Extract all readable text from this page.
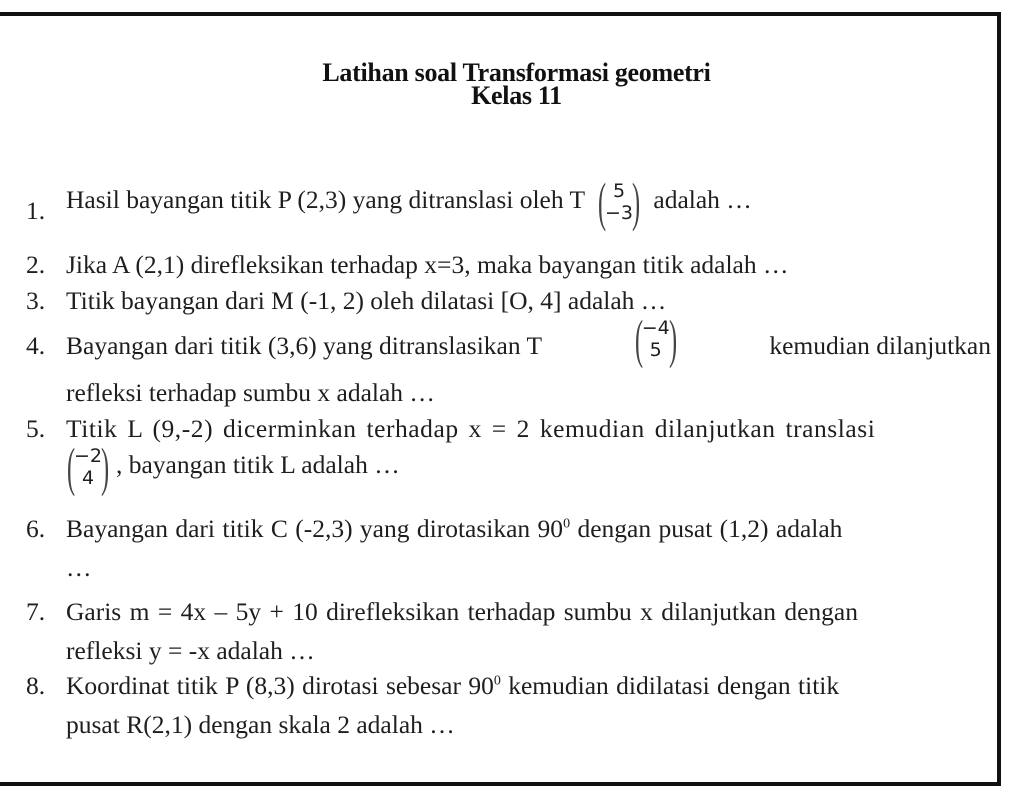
Latihan soal Transformasi geometri
Kelas 11
1. Hasil bayangan titik P (2,3) yang ditranslasi oleh T ( 5
−3
) adalah …
2. Jika A (2,1) direfleksikan terhadap x=3, maka bayangan titik adalah …
3. Titik bayangan dari M (-1, 2) oleh dilatasi [O, 4] adalah …
4. Bayangan dari titik (3,6) yang ditranslasikan T (
−4
5 )	kemudian dilanjutkan
refleksi terhadap sumbu x adalah …
5. Titik L (9,-2) dicerminkan terhadap x = 2 kemudian dilanjutkan translasi
(
−2
4 ) , bayangan titik L adalah …
6. Bayangan dari titik C (-2,3) yang dirotasikan $90^0$ dengan pusat (1,2) adalah
…
7. Garis m = 4x – 5y + 10 direfleksikan terhadap sumbu x dilanjutkan dengan
refleksi y = -x adalah …
8. Koordinat titik P (8,3) dirotasi sebesar $90^0$ kemudian didilatasi dengan titik
pusat R(2,1) dengan skala 2 adalah …
